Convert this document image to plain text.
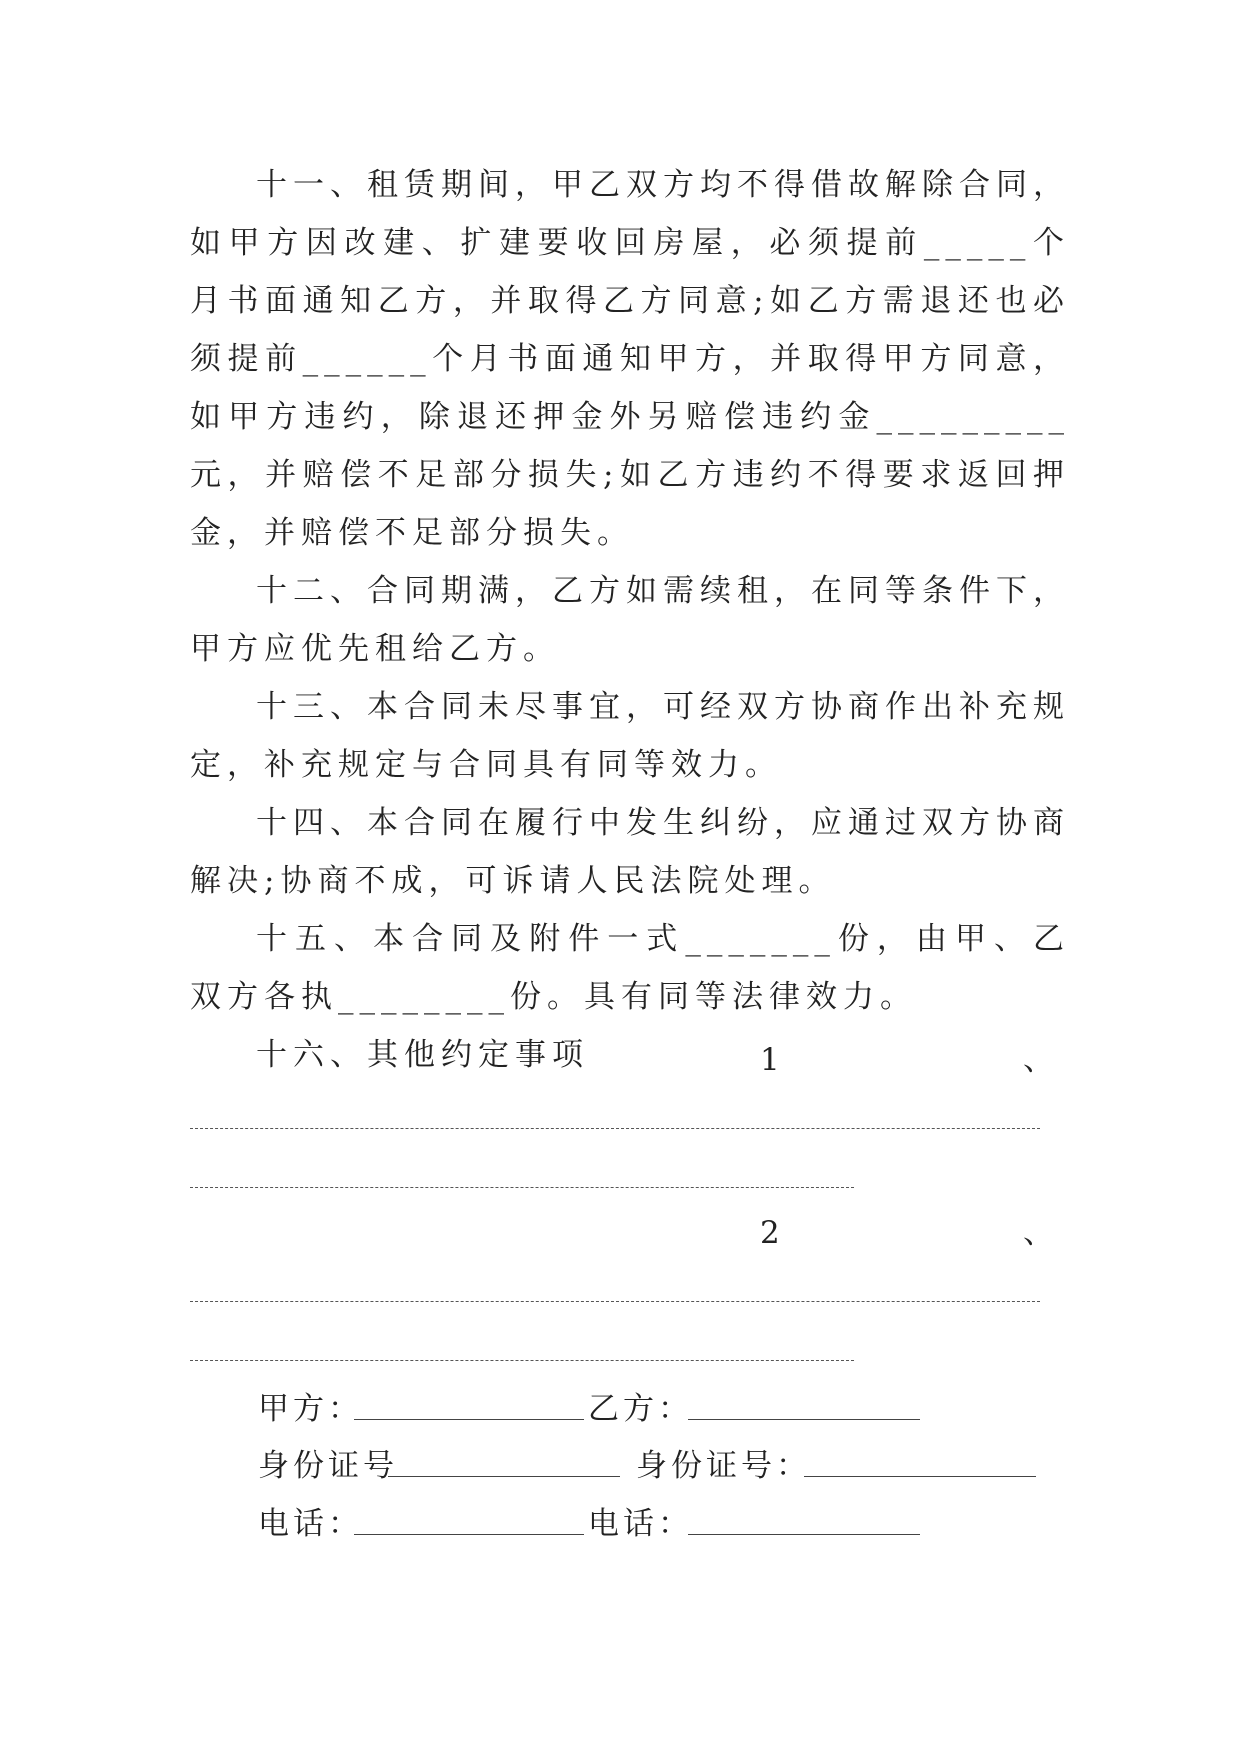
十一、租赁期间，甲乙双方均不得借故解除合同，如甲方因改建、扩建要收回房屋，必须提前_____个月书面通知乙方，并取得乙方同意;如乙方需退还也必须提前______个月书面通知甲方，并取得甲方同意，如甲方违约，除退还押金外另赔偿违约金_________元，并赔偿不足部分损失;如乙方违约不得要求返回押金，并赔偿不足部分损失。

十二、合同期满，乙方如需续租，在同等条件下，甲方应优先租给乙方。

十三、本合同未尽事宜，可经双方协商作出补充规定，补充规定与合同具有同等效力。

十四、本合同在履行中发生纠纷，应通过双方协商解决;协商不成，可诉请人民法院处理。

十五、本合同及附件一式_______份，由甲、乙双方各执________份。具有同等法律效力。

十六、其他约定事项	1	、
2	、
甲方：	乙方：
身份证号	身份证号：
电话：	电话：
